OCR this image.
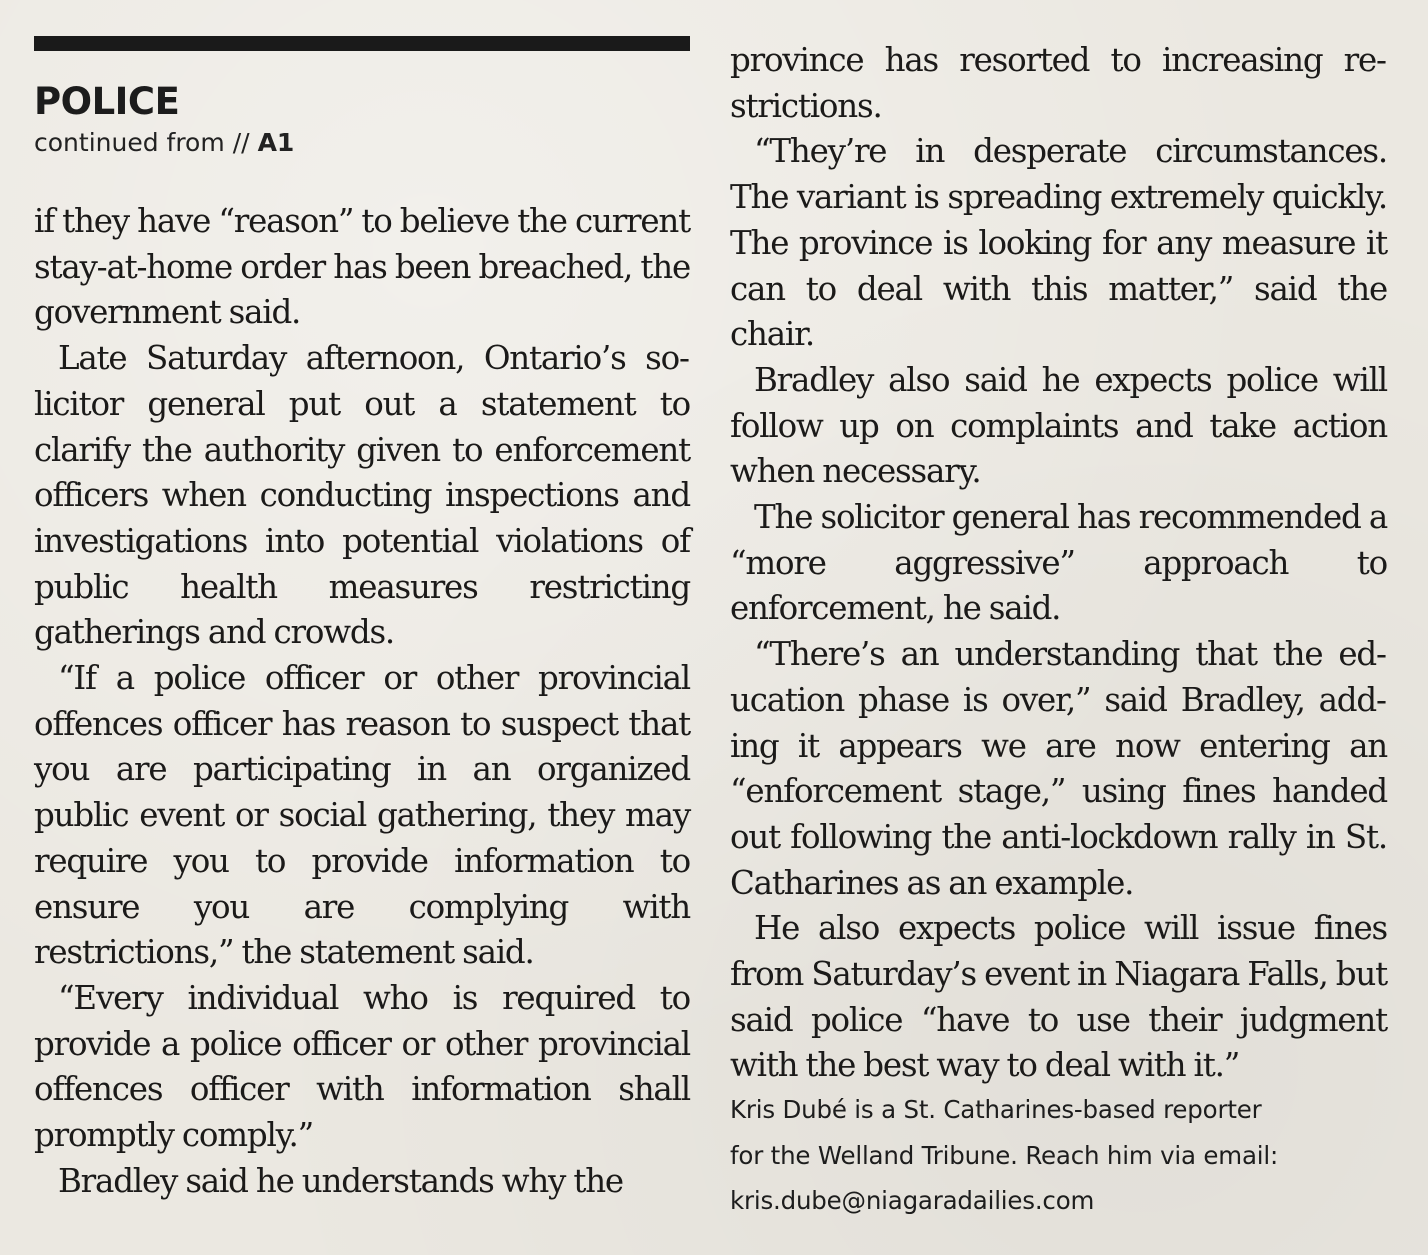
POLICE
continued from // A1

if they have “reason” to believe the current stay-at-home order has been breached, the government said.

Late Saturday afternoon, Ontario’s solicitor general put out a statement to clarify the authority given to enforcement officers when conducting inspections and investigations into potential violations of public health measures restricting gatherings and crowds.

“If a police officer or other provincial offences officer has reason to suspect that you are participating in an organized public event or social gathering, they may require you to provide information to ensure you are complying with restrictions,” the statement said.

“Every individual who is required to provide a police officer or other provincial offences officer with information shall promptly comply.”

Bradley said he understands why the

province has resorted to increasing restrictions.

“They’re in desperate circumstances. The variant is spreading extremely quickly. The province is looking for any measure it can to deal with this matter,” said the chair.

Bradley also said he expects police will follow up on complaints and take action when necessary.

The solicitor general has recommended a “more aggressive” approach to enforcement, he said.

“There’s an understanding that the education phase is over,” said Bradley, adding it appears we are now entering an “enforcement stage,” using fines handed out following the anti-lockdown rally in St. Catharines as an example.

He also expects police will issue fines from Saturday’s event in Niagara Falls, but said police “have to use their judgment with the best way to deal with it.”

Kris Dubé is a St. Catharines-based reporter

for the Welland Tribune. Reach him via email:

kris.dube@niagaradailies.com
